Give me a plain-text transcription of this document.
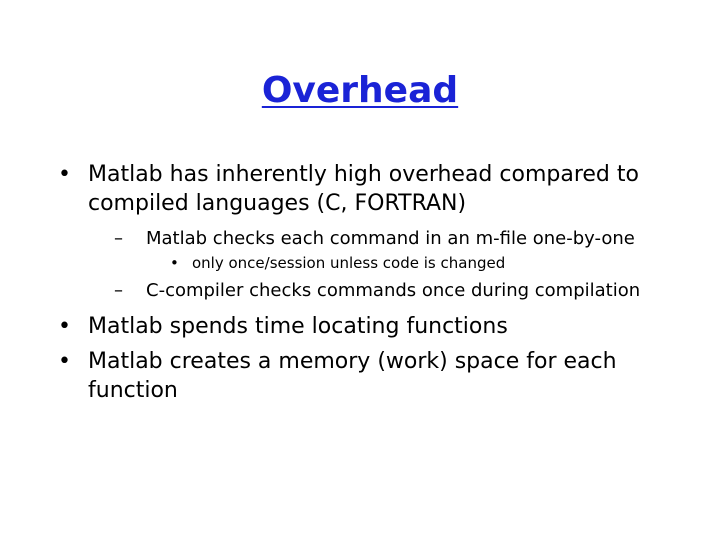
Overhead
• Matlab has inherently high overhead compared to compiled languages (C, FORTRAN)
–	Matlab checks each command in an m-file one-by-one
• only once/session unless code is changed
–	C-compiler checks commands once during compilation
• Matlab spends time locating functions
• Matlab creates a memory (work) space for each function
